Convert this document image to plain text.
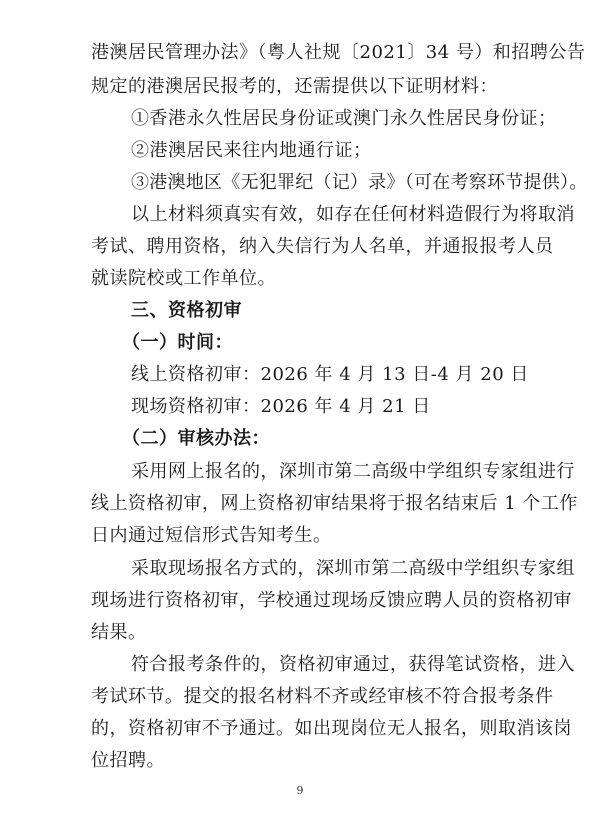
港澳居民管理办法》（粤人社规〔2021〕34 号）和招聘公告
规定的港澳居民报考的，还需提供以下证明材料：
①香港永久性居民身份证或澳门永久性居民身份证；
②港澳居民来往内地通行证；
③港澳地区《无犯罪纪（记）录》（可在考察环节提供）。
以上材料须真实有效，如存在任何材料造假行为将取消
考试、聘用资格，纳入失信行为人名单，并通报报考人员
就读院校或工作单位。
三、资格初审
（一）时间：
线上资格初审：2026 年 4 月 13 日-4 月 20 日
现场资格初审：2026 年 4 月 21 日
（二）审核办法：
采用网上报名的，深圳市第二高级中学组织专家组进行
线上资格初审，网上资格初审结果将于报名结束后 1 个工作
日内通过短信形式告知考生。
采取现场报名方式的，深圳市第二高级中学组织专家组
现场进行资格初审，学校通过现场反馈应聘人员的资格初审
结果。
符合报考条件的，资格初审通过，获得笔试资格，进入
考试环节。提交的报名材料不齐或经审核不符合报考条件
的，资格初审不予通过。如出现岗位无人报名，则取消该岗
位招聘。
9
